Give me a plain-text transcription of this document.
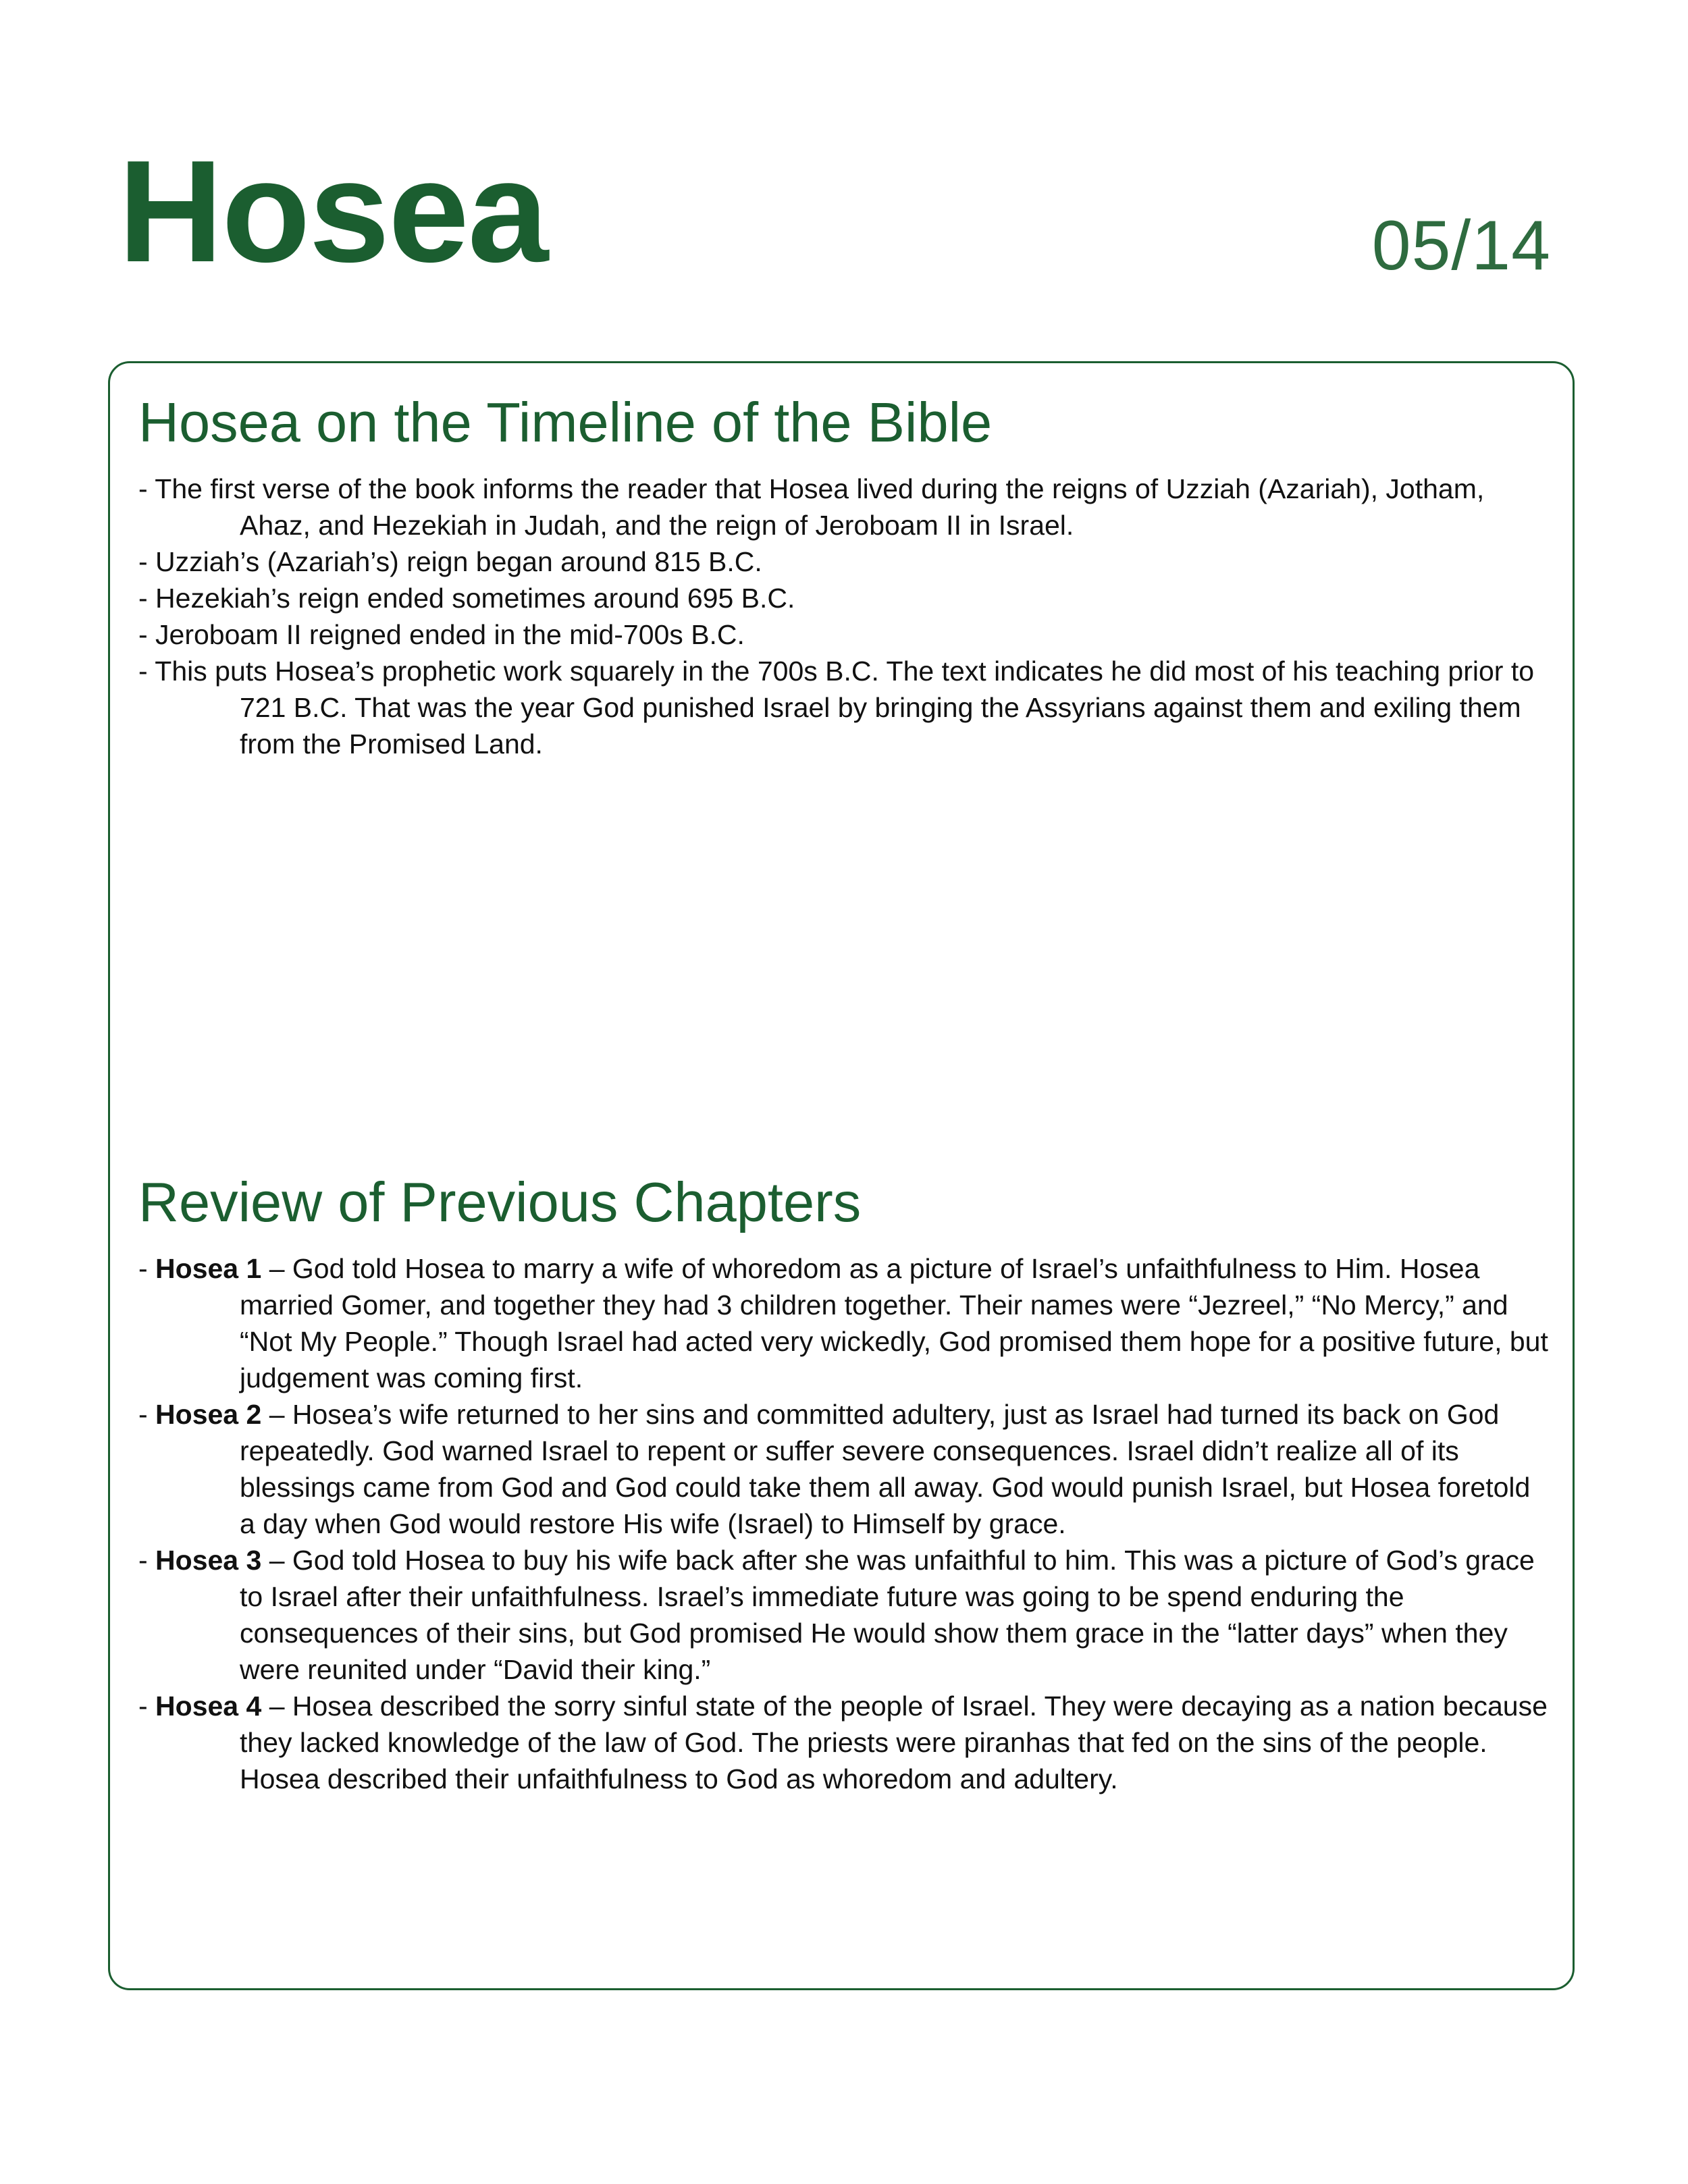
Hosea	05/14
Hosea on the Timeline of the Bible
- The first verse of the book informs the reader that Hosea lived during the reigns of Uzziah (Azariah), Jotham, Ahaz, and Hezekiah in Judah, and the reign of Jeroboam II in Israel.
- Uzziah’s (Azariah’s) reign began around 815 B.C.
- Hezekiah’s reign ended sometimes around 695 B.C.
- Jeroboam II reigned ended in the mid-700s B.C.
- This puts Hosea’s prophetic work squarely in the 700s B.C. The text indicates he did most of his teaching prior to 721 B.C. That was the year God punished Israel by bringing the Assyrians against them and exiling them from the Promised Land.
Review of Previous Chapters
- Hosea 1 – God told Hosea to marry a wife of whoredom as a picture of Israel’s unfaithfulness to Him. Hosea married Gomer, and together they had 3 children together. Their names were “Jezreel,” “No Mercy,” and “Not My People.” Though Israel had acted very wickedly, God promised them hope for a positive future, but judgement was coming first.
- Hosea 2 – Hosea’s wife returned to her sins and committed adultery, just as Israel had turned its back on God repeatedly. God warned Israel to repent or suffer severe consequences. Israel didn’t realize all of its blessings came from God and God could take them all away. God would punish Israel, but Hosea foretold a day when God would restore His wife (Israel) to Himself by grace.
- Hosea 3 – God told Hosea to buy his wife back after she was unfaithful to him. This was a picture of God’s grace to Israel after their unfaithfulness. Israel’s immediate future was going to be spend enduring the consequences of their sins, but God promised He would show them grace in the “latter days” when they were reunited under “David their king.”
- Hosea 4 – Hosea described the sorry sinful state of the people of Israel. They were decaying as a nation because they lacked knowledge of the law of God. The priests were piranhas that fed on the sins of the people. Hosea described their unfaithfulness to God as whoredom and adultery.
